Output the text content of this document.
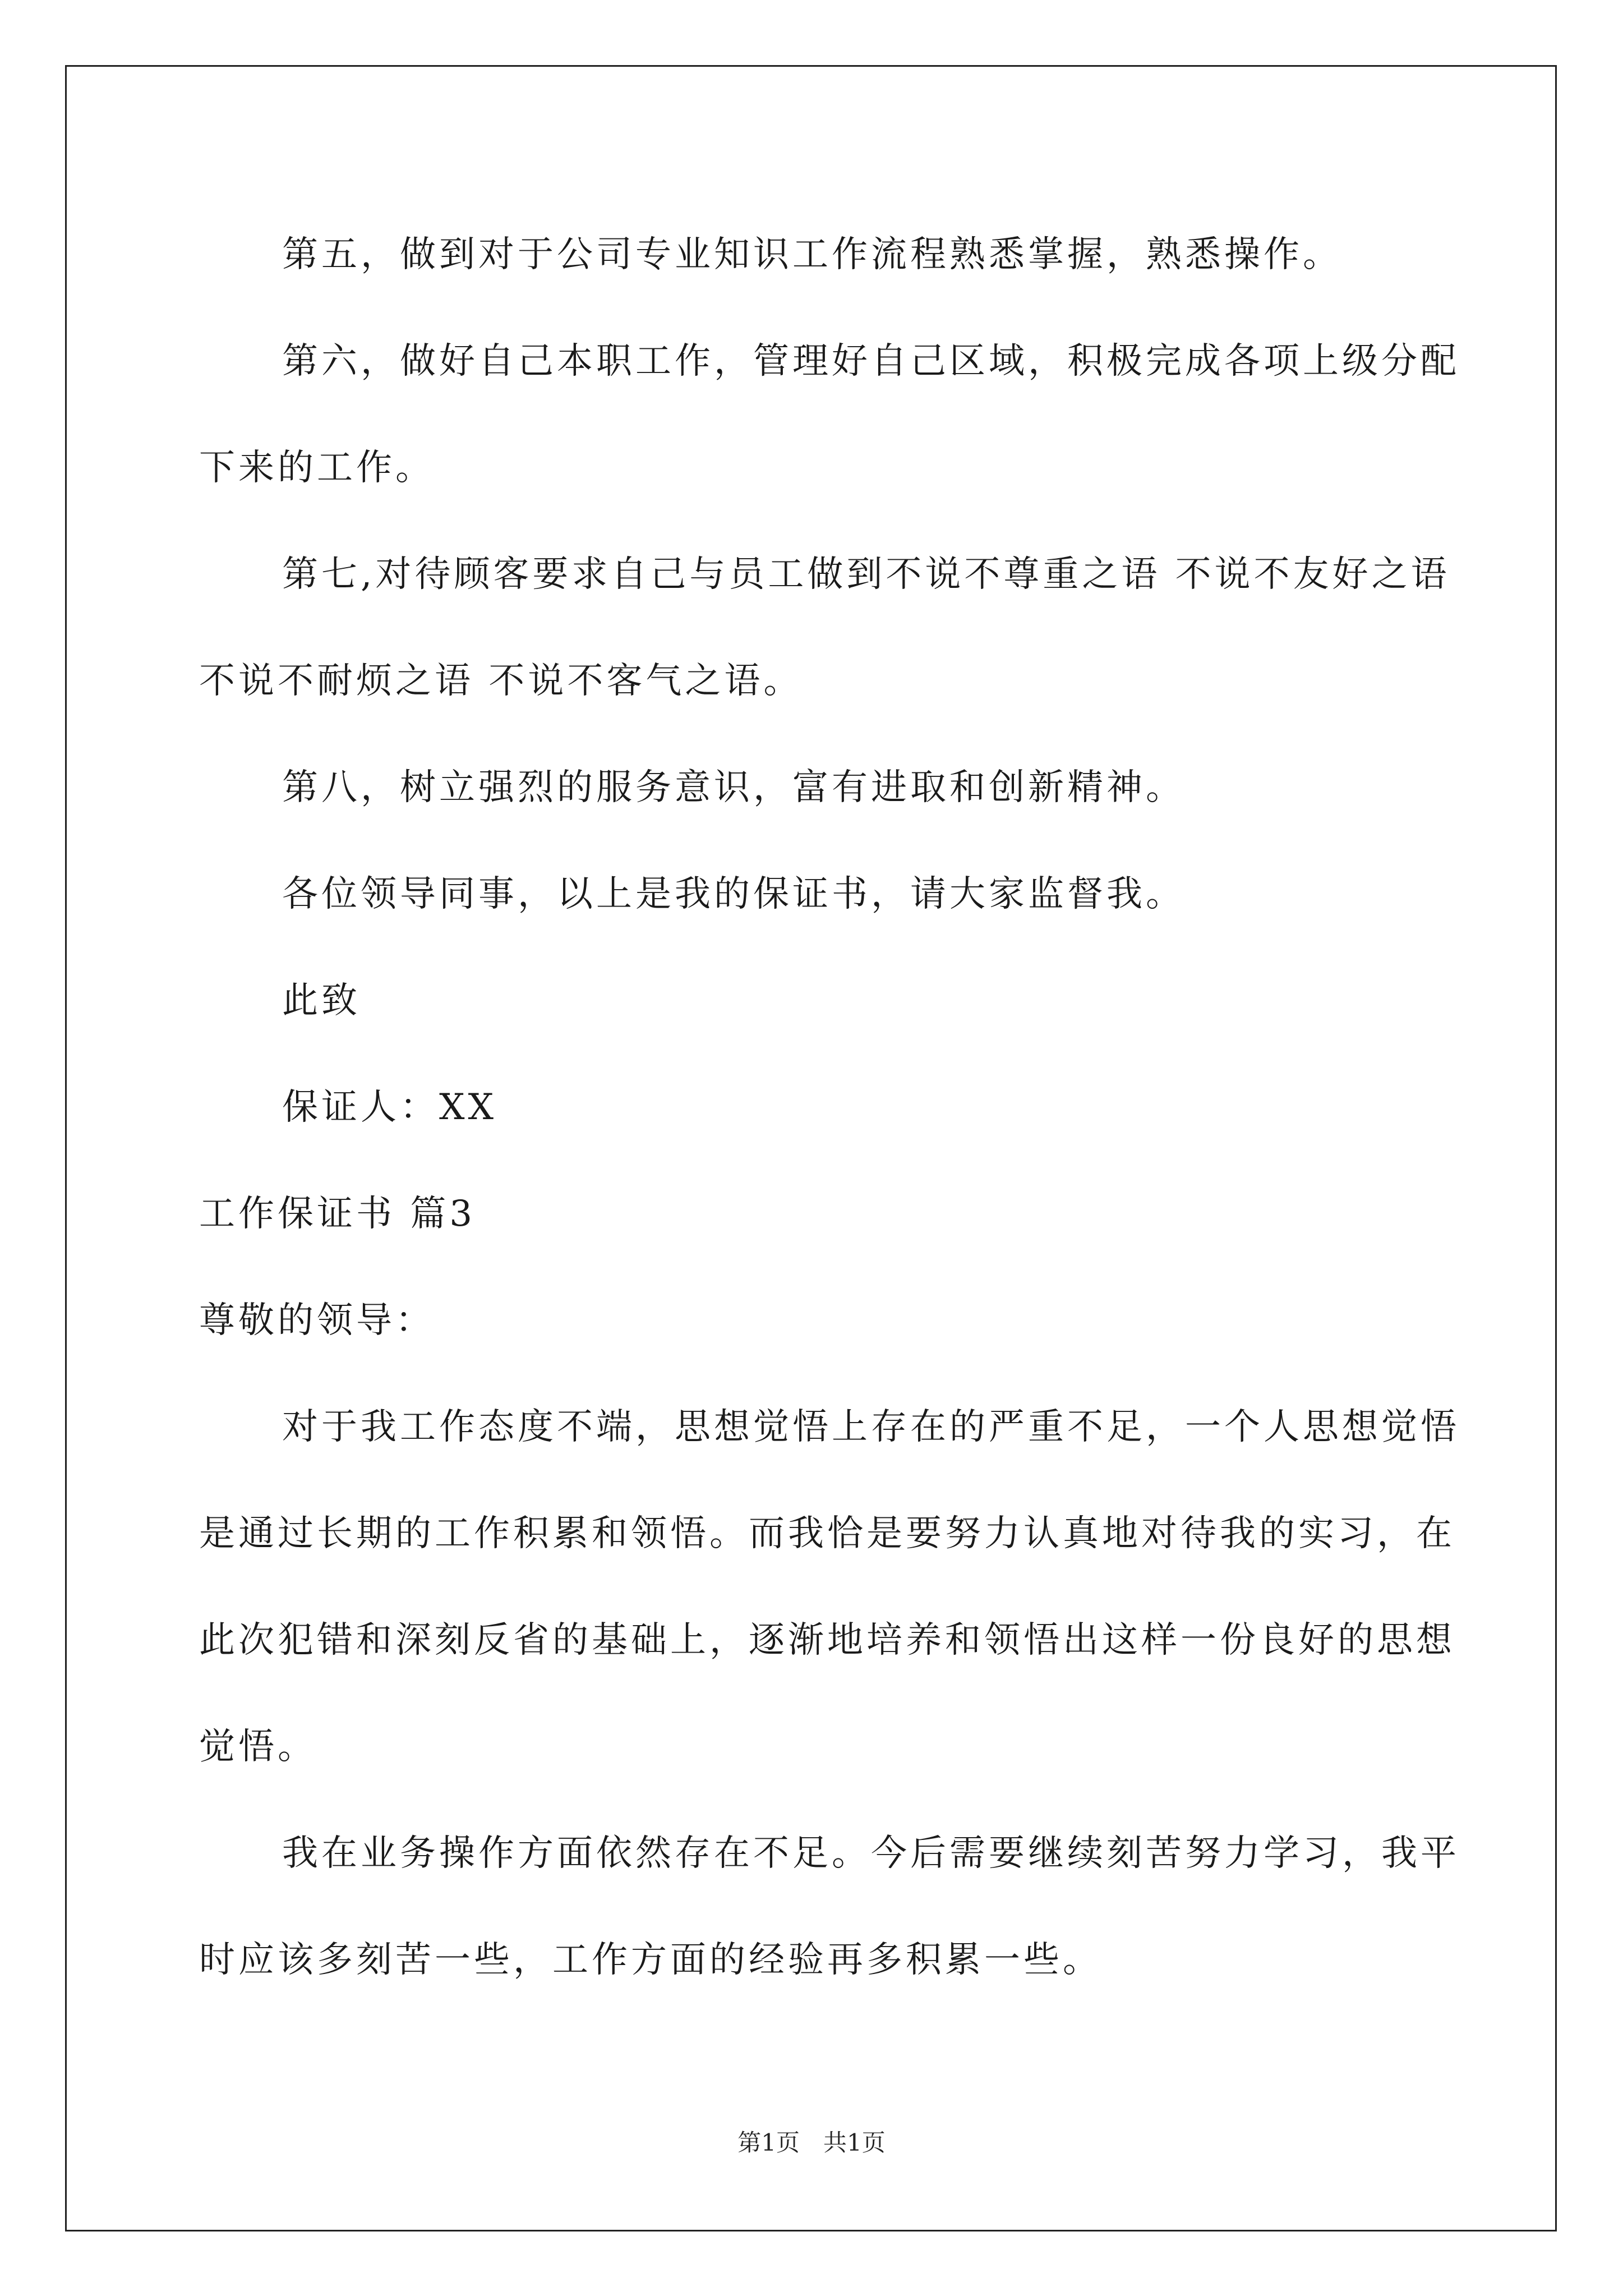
第五，做到对于公司专业知识工作流程熟悉掌握，熟悉操作。

第六，做好自己本职工作，管理好自己区域，积极完成各项上级分配下来的工作。

第七,对待顾客要求自己与员工做到不说不尊重之语 不说不友好之语 不说不耐烦之语 不说不客气之语。

第八，树立强烈的服务意识，富有进取和创新精神。

各位领导同事，以上是我的保证书，请大家监督我。

此致

保证人：XX

工作保证书 篇3

尊敬的领导：

对于我工作态度不端，思想觉悟上存在的严重不足，一个人思想觉悟是通过长期的工作积累和领悟。而我恰是要努力认真地对待我的实习，在此次犯错和深刻反省的基础上，逐渐地培养和领悟出这样一份良好的思想觉悟。

我在业务操作方面依然存在不足。今后需要继续刻苦努力学习，我平时应该多刻苦一些，工作方面的经验再多积累一些。

第1页　共1页
